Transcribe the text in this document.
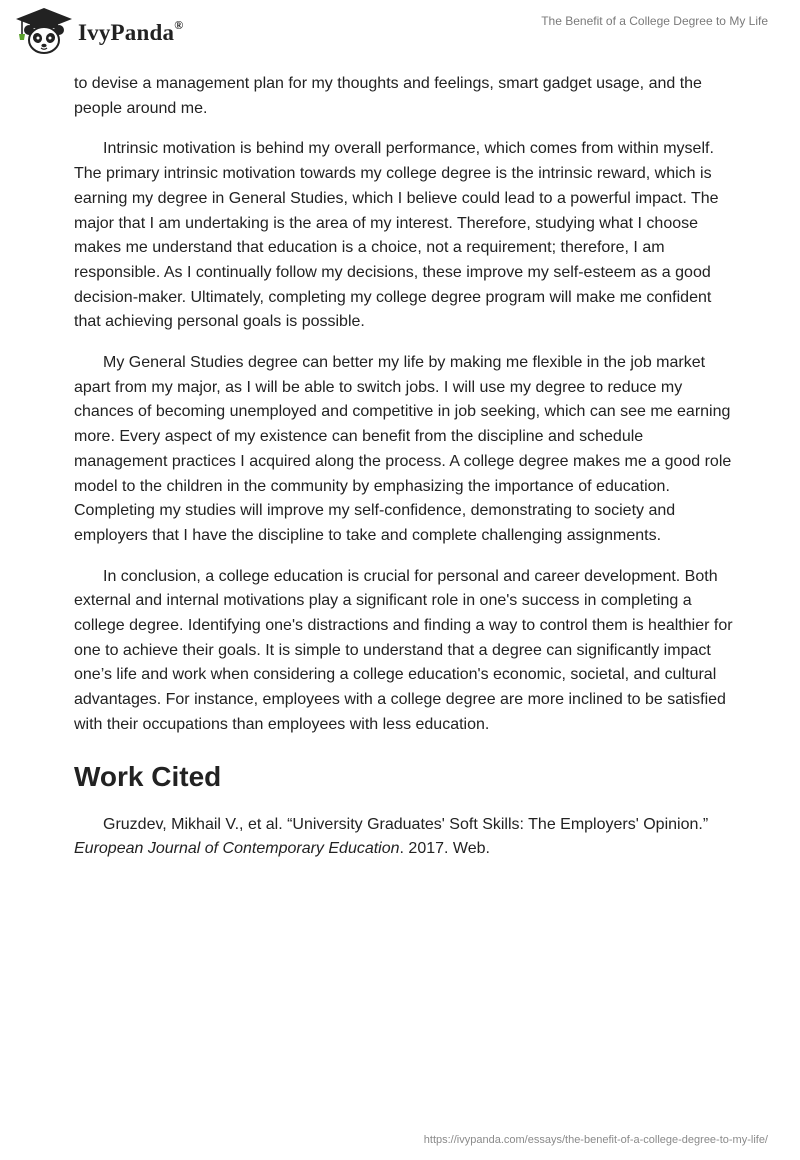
IvyPanda®	The Benefit of a College Degree to My Life

to devise a management plan for my thoughts and feelings, smart gadget usage, and the people around me.

Intrinsic motivation is behind my overall performance, which comes from within myself. The primary intrinsic motivation towards my college degree is the intrinsic reward, which is earning my degree in General Studies, which I believe could lead to a powerful impact. The major that I am undertaking is the area of my interest. Therefore, studying what I choose makes me understand that education is a choice, not a requirement; therefore, I am responsible. As I continually follow my decisions, these improve my self-esteem as a good decision-maker. Ultimately, completing my college degree program will make me confident that achieving personal goals is possible.

My General Studies degree can better my life by making me flexible in the job market apart from my major, as I will be able to switch jobs. I will use my degree to reduce my chances of becoming unemployed and competitive in job seeking, which can see me earning more. Every aspect of my existence can benefit from the discipline and schedule management practices I acquired along the process. A college degree makes me a good role model to the children in the community by emphasizing the importance of education. Completing my studies will improve my self-confidence, demonstrating to society and employers that I have the discipline to take and complete challenging assignments.

In conclusion, a college education is crucial for personal and career development. Both external and internal motivations play a significant role in one's success in completing a college degree. Identifying one's distractions and finding a way to control them is healthier for one to achieve their goals. It is simple to understand that a degree can significantly impact one’s life and work when considering a college education's economic, societal, and cultural advantages. For instance, employees with a college degree are more inclined to be satisfied with their occupations than employees with less education.

Work Cited

Gruzdev, Mikhail V., et al. “University Graduates' Soft Skills: The Employers' Opinion.” European Journal of Contemporary Education. 2017. Web.

https://ivypanda.com/essays/the-benefit-of-a-college-degree-to-my-life/
